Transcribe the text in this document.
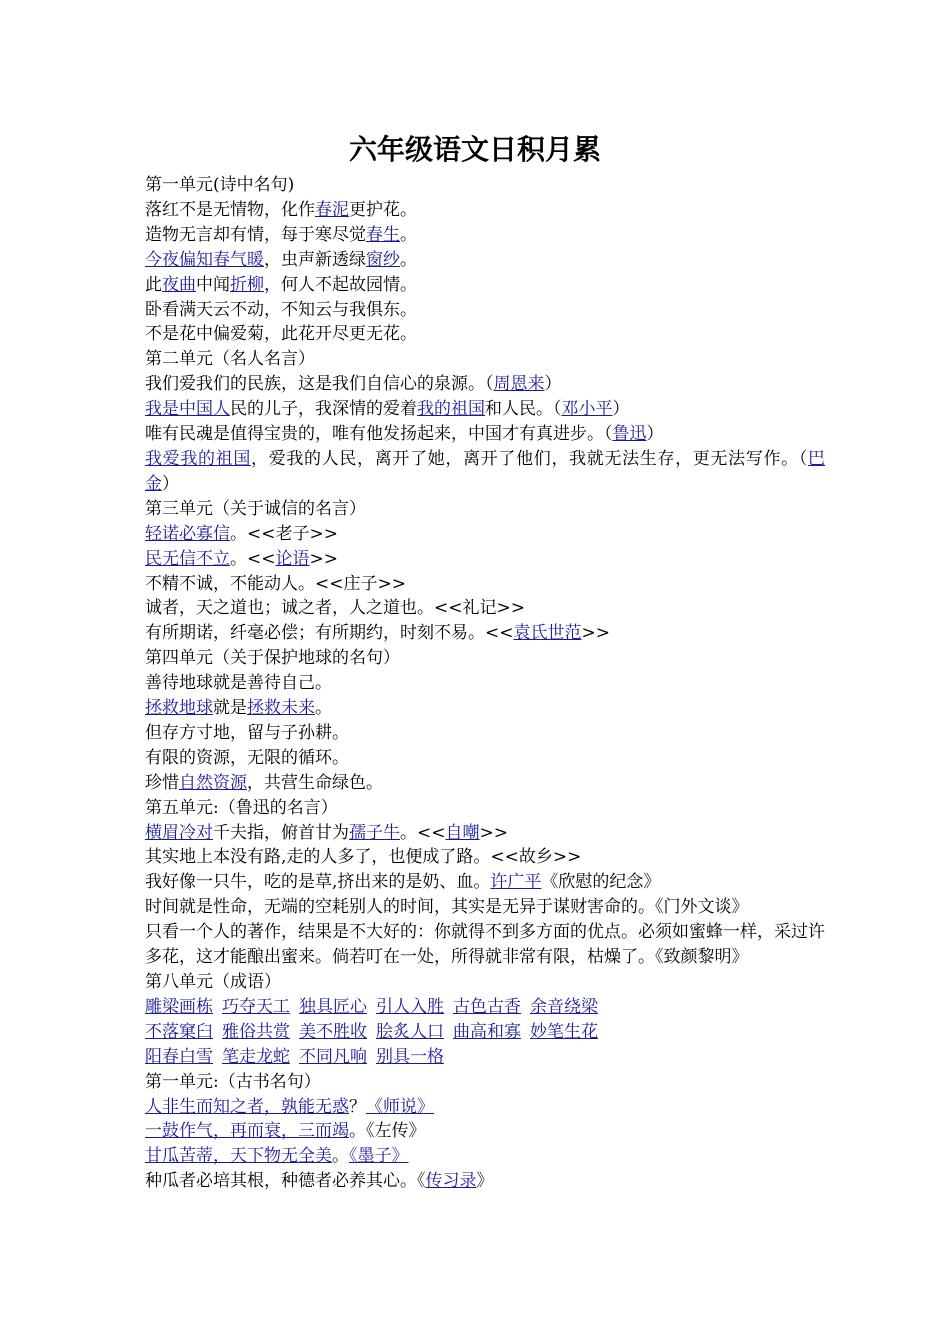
六年级语文日积月累
第一单元(诗中名句)
落红不是无情物，化作春泥更护花。
造物无言却有情，每于寒尽觉春生。
今夜偏知春气暖，虫声新透绿窗纱。
此夜曲中闻折柳，何人不起故园情。
卧看满天云不动，不知云与我俱东。
不是花中偏爱菊，此花开尽更无花。
第二单元（名人名言）
我们爱我们的民族，这是我们自信心的泉源。（周恩来）
我是中国人民的儿子，我深情的爱着我的祖国和人民。（邓小平）
唯有民魂是值得宝贵的，唯有他发扬起来，中国才有真进步。（鲁迅）
我爱我的祖国，爱我的人民，离开了她，离开了他们，我就无法生存，更无法写作。（巴金）
第三单元（关于诚信的名言）
轻诺必寡信。<<老子>>
民无信不立。<<论语>>
不精不诚，不能动人。<<庄子>>
诚者，天之道也；诚之者，人之道也。<<礼记>>
有所期诺，纤毫必偿；有所期约，时刻不易。<<袁氏世范>>
第四单元（关于保护地球的名句）
善待地球就是善待自己。
拯救地球就是拯救未来。
但存方寸地，留与子孙耕。
有限的资源，无限的循环。
珍惜自然资源，共营生命绿色。
第五单元:（鲁迅的名言）
横眉冷对千夫指，俯首甘为孺子牛。<<自嘲>>
其实地上本没有路,走的人多了，也便成了路。<<故乡>>
我好像一只牛，吃的是草,挤出来的是奶、血。许广平《欣慰的纪念》
时间就是性命，无端的空耗别人的时间，其实是无异于谋财害命的。《门外文谈》
只看一个人的著作，结果是不大好的：你就得不到多方面的优点。必须如蜜蜂一样，采过许多花，这才能酿出蜜来。倘若叮在一处，所得就非常有限，枯燥了。《致颜黎明》
第八单元（成语）
雕梁画栋 巧夺天工 独具匠心 引人入胜 古色古香 余音绕梁
不落窠臼 雅俗共赏 美不胜收 脍炙人口 曲高和寡 妙笔生花
阳春白雪 笔走龙蛇 不同凡响 别具一格
第一单元:（古书名句）
人非生而知之者，孰能无惑？《师说》
一鼓作气，再而衰，三而竭。《左传》
甘瓜苦蒂，天下物无全美。《墨子》
种瓜者必培其根，种德者必养其心。《传习录》
